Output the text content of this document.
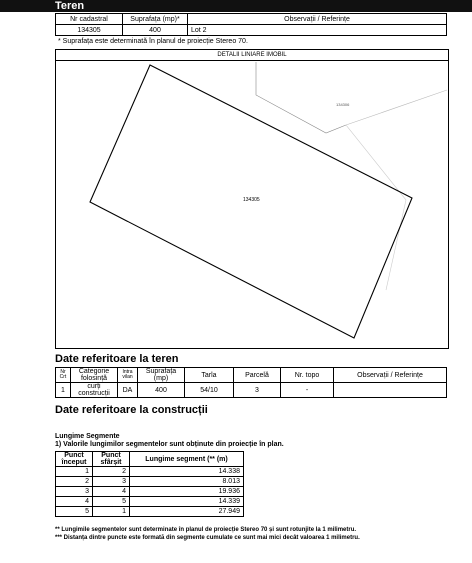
Teren
Nr cadastral	Suprafața (mp)*	Observații / Referințe
134305	400	Lot 2
* Suprafața este determinată în planul de proiecție Stereo 70.
DETALII LINIARE IMOBIL
134305
134306
Date referitoare la teren
Nr Crt	Categorie folosință	Intra vilan	Suprafața (mp)	Tarla	Parcelă	Nr. topo	Observații / Referințe
1	curți construcții	DA	400	54/10	3	-	
Date referitoare la construcții
Lungime Segmente
1) Valorile lungimilor segmentelor sunt obținute din proiecție în plan.
Punct început	Punct sfârșit	Lungime segment (** (m)
1	2	14.338
2	3	8.013
3	4	19.936
4	5	14.339
5	1	27.949
** Lungimile segmentelor sunt determinate în planul de proiecție Stereo 70 și sunt rotunjite la 1 milimetru.
*** Distanța dintre puncte este formată din segmente cumulate ce sunt mai mici decât valoarea 1 milimetru.
